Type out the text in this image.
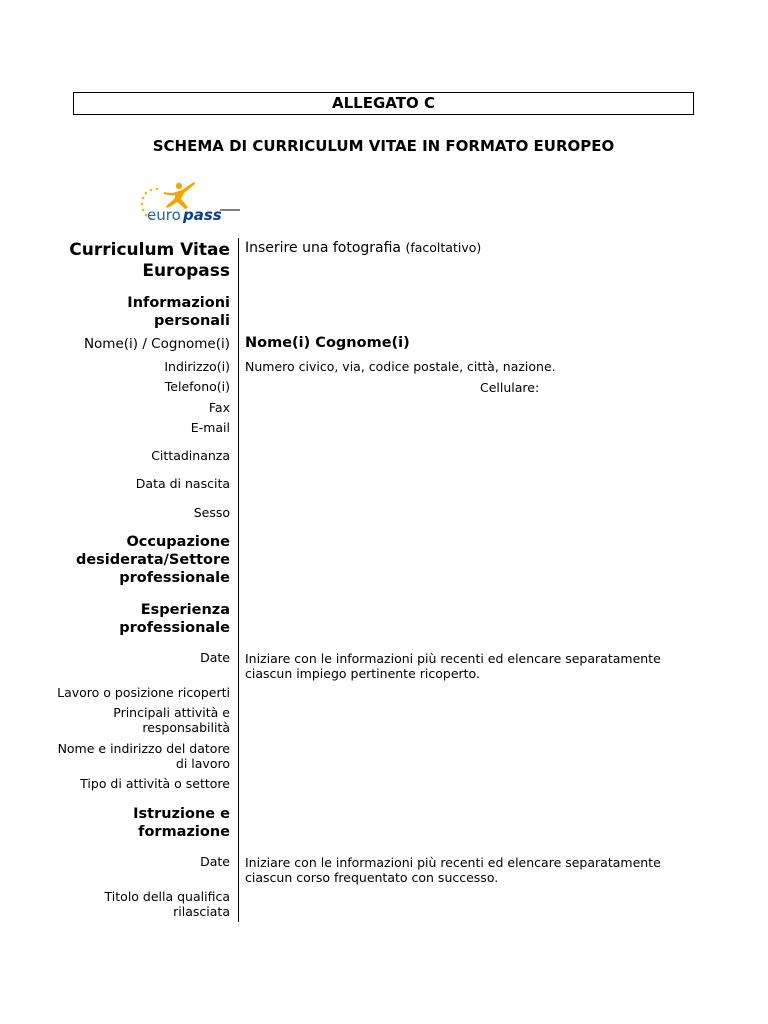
ALLEGATO C
SCHEMA DI CURRICULUM VITAE IN FORMATO EUROPEO
euro pass
Curriculum Vitae
Europass
Informazioni
personali
Nome(i) / Cognome(i)
Indirizzo(i)
Telefono(i)
Fax
E-mail
Cittadinanza
Data di nascita
Sesso
Occupazione
desiderata/Settore
professionale
Esperienza
professionale
Date
Lavoro o posizione ricoperti
Principali attività e
responsabilità
Nome e indirizzo del datore
di lavoro
Tipo di attività o settore
Istruzione e
formazione
Date
Titolo della qualifica
rilasciata
Inserire una fotografia (facoltativo)
Nome(i) Cognome(i)
Numero civico, via, codice postale, città, nazione.
Cellulare:
Iniziare con le informazioni più recenti ed elencare separatamente
ciascun impiego pertinente ricoperto.
Iniziare con le informazioni più recenti ed elencare separatamente
ciascun corso frequentato con successo.
